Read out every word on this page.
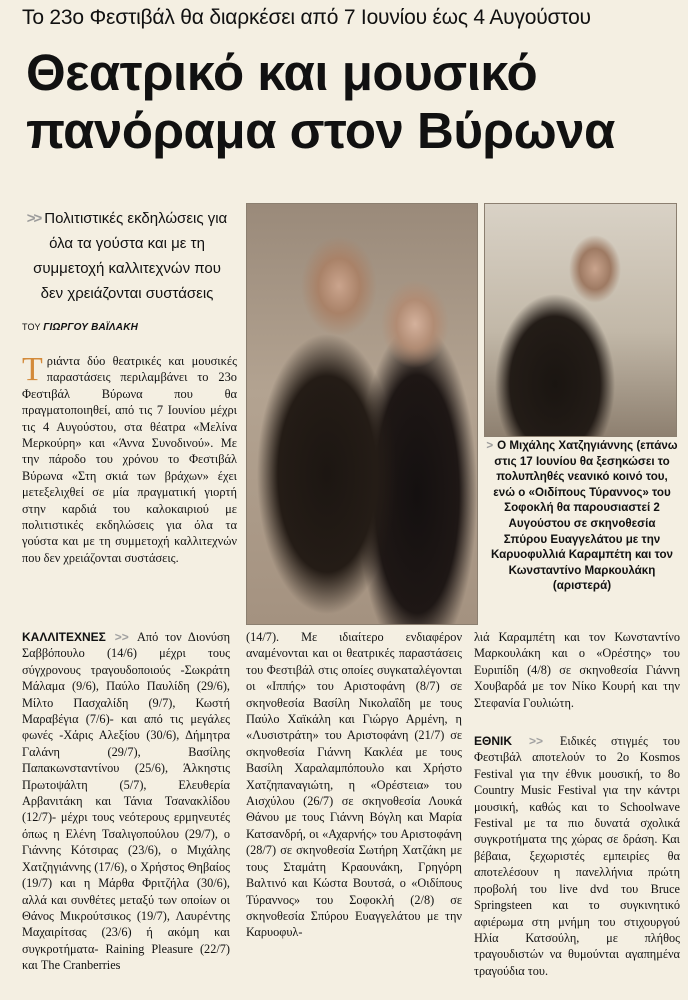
Το 23ο Φεστιβάλ θα διαρκέσει από 7 Ιουνίου έως 4 Αυγούστου
Θεατρικό και μουσικό
πανόραμα στον Βύρωνα
>> Πολιτιστικές εκδηλώσεις για όλα τα γούστα και με τη συμμετοχή καλλιτεχνών που δεν χρειάζονται συστάσεις
ΤΟΥ ΓΙΩΡΓΟΥ ΒΑΪΛΑΚΗ
Τριάντα δύο θεατρικές και μουσικές παραστάσεις περιλαμβάνει το 23ο Φεστιβάλ Βύρωνα που θα πραγματοποιηθεί, από τις 7 Ιουνίου μέχρι τις 4 Αυγούστου, στα θέατρα «Μελίνα Μερκούρη» και «Άννα Συνοδινού». Με την πάροδο του χρόνου το Φεστιβάλ Βύρωνα «Στη σκιά των βράχων» έχει μετεξελιχθεί σε μία πραγματική γιορτή στην καρδιά του καλοκαιριού με πολιτιστικές εκδηλώσεις για όλα τα γούστα και με τη συμμετοχή καλλιτεχνών που δεν χρειάζονται συστάσεις.
> Ο Μιχάλης Χατζηγιάννης (επάνω στις 17 Ιουνίου θα ξεσηκώσει το πολυπληθές νεανικό κοινό του, ενώ ο «Οιδίπους Τύραννος» του Σοφοκλή θα παρουσιαστεί 2 Αυγούστου σε σκηνοθεσία Σπύρου Ευαγγελάτου με την Καρυοφυλλιά Καραμπέτη και τον Κωνσταντίνο Μαρκουλάκη (αριστερά)
ΚΑΛΛΙΤΕΧΝΕΣ >> Από τον Διονύση Σαββόπουλο (14/6) μέχρι τους σύγχρονους τραγουδοποιούς -Σωκράτη Μάλαμα (9/6), Παύλο Παυλίδη (29/6), Μίλτο Πασχαλίδη (9/7), Κωστή Μαραβέγια (7/6)- και από τις μεγάλες φωνές -Χάρις Αλεξίου (30/6), Δήμητρα Γαλάνη (29/7), Βασίλης Παπακωνσταντίνου (25/6), Άλκηστις Πρωτοψάλτη (5/7), Ελευθερία Αρβανιτάκη και Τάνια Τσανακλίδου (12/7)- μέχρι τους νεότερους ερμηνευτές όπως η Ελένη Τσαλιγοπούλου (29/7), ο Γιάννης Κότσιρας (23/6), ο Μιχάλης Χατζηγιάννης (17/6), ο Χρήστος Θηβαίος (19/7) και η Μάρθα Φριτζήλα (30/6), αλλά και συνθέτες μεταξύ των οποίων οι Θάνος Μικρούτσικος (19/7), Λαυρέντης Μαχαιρίτσας (23/6) ή ακόμη και συγκροτήματα- Raining Pleasure (22/7) και The Cranberries
(14/7). Με ιδιαίτερο ενδιαφέρον αναμένονται και οι θεατρικές παραστάσεις του Φεστιβάλ στις οποίες συγκαταλέγονται οι «Ιππής» του Αριστοφάνη (8/7) σε σκηνοθεσία Βασίλη Νικολαΐδη με τους Παύλο Χαϊκάλη και Γιώργο Αρμένη, η «Λυσιστράτη» του Αριστοφάνη (21/7) σε σκηνοθεσία Γιάννη Κακλέα με τους Βασίλη Χαραλαμπόπουλο και Χρήστο Χατζηπαναγιώτη, η «Ορέστεια» του Αισχύλου (26/7) σε σκηνοθεσία Λουκά Θάνου με τους Γιάννη Βόγλη και Μαρία Κατσανδρή, οι «Αχαρνής» του Αριστοφάνη (28/7) σε σκηνοθεσία Σωτήρη Χατζάκη με τους Σταμάτη Κραουνάκη, Γρηγόρη Βαλτινό και Κώστα Βουτσά, ο «Οιδίπους Τύραννος» του Σοφοκλή (2/8) σε σκηνοθεσία Σπύρου Ευαγγελάτου με την Καρυοφυλ-
λιά Καραμπέτη και τον Κωνσταντίνο Μαρκουλάκη και ο «Ορέστης» του Ευριπίδη (4/8) σε σκηνοθεσία Γιάννη Χουβαρδά με τον Νίκο Κουρή και την Στεφανία Γουλιώτη.
ΕΘΝΙΚ >> Ειδικές στιγμές του Φεστιβάλ αποτελούν το 2ο Kosmos Festival για την έθνικ μουσική, το 8ο Country Music Festival για την κάντρι μουσική, καθώς και το Schoolwave Festival με τα πιο δυνατά σχολικά συγκροτήματα της χώρας σε δράση. Και βέβαια, ξεχωριστές εμπειρίες θα αποτελέσουν η πανελλήνια πρώτη προβολή του live dvd του Bruce Springsteen και το συγκινητικό αφιέρωμα στη μνήμη του στιχουργού Ηλία Κατσούλη, με πλήθος τραγουδιστών να θυμούνται αγαπημένα τραγούδια του.
